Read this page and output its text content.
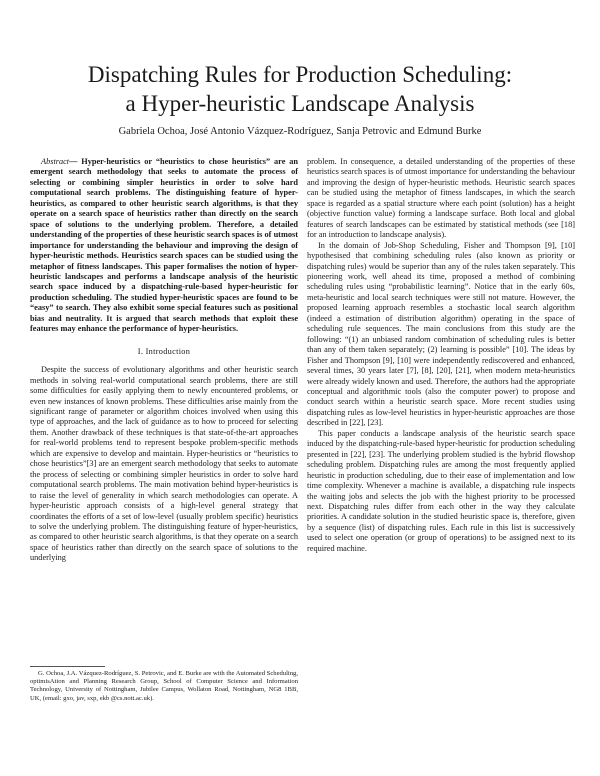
Dispatching Rules for Production Scheduling:
a Hyper-heuristic Landscape Analysis
Gabriela Ochoa, José Antonio Vázquez-Rodríguez, Sanja Petrovic and Edmund Burke

Abstract— Hyper-heuristics or “heuristics to chose heuristics” are an emergent search methodology that seeks to automate the process of selecting or combining simpler heuristics in order to solve hard computational search problems. The distinguishing feature of hyper-heuristics, as compared to other heuristic search algorithms, is that they operate on a search space of heuristics rather than directly on the search space of solutions to the underlying problem. Therefore, a detailed understanding of the properties of these heuristic search spaces is of utmost importance for understanding the behaviour and improving the design of hyper-heuristic methods. Heuristics search spaces can be studied using the metaphor of fitness landscapes. This paper formalises the notion of hyper-heuristic landscapes and performs a landscape analysis of the heuristic search space induced by a dispatching-rule-based hyper-heuristic for production scheduling. The studied hyper-heuristic spaces are found to be “easy” to search. They also exhibit some special features such as positional bias and neutrality. It is argued that search methods that exploit these features may enhance the performance of hyper-heuristics.

I. Introduction

Despite the success of evolutionary algorithms and other heuristic search methods in solving real-world computational search problems, there are still some difficulties for easily applying them to newly encountered problems, or even new instances of known problems. These difficulties arise mainly from the significant range of parameter or algorithm choices involved when using this type of approaches, and the lack of guidance as to how to proceed for selecting them. Another drawback of these techniques is that state-of-the-art approaches for real-world problems tend to represent bespoke problem-specific methods which are expensive to develop and maintain. Hyper-heuristics or “heuristics to chose heuristics”[3] are an emergent search methodology that seeks to automate the process of selecting or combining simpler heuristics in order to solve hard computational search problems. The main motivation behind hyper-heuristics is to raise the level of generality in which search methodologies can operate. A hyper-heuristic approach consists of a high-level general strategy that coordinates the efforts of a set of low-level (usually problem specific) heuristics to solve the underlying problem. The distinguishing feature of hyper-heuristics, as compared to other heuristic search algorithms, is that they operate on a search space of heuristics rather than directly on the search space of solutions to the underlying

G. Ochoa, J.A. Vázquez-Rodríguez, S. Petrovic, and E. Burke are with the Automated Scheduling, optimisAtion and Planning Research Group, School of Computer Science and Information Technology, University of Nottingham, Jubilee Campus, Wollaton Road, Nottingham, NG8 1BB, UK, (email: gxo, jav, sxp, ekb @cs.nott.ac.uk).

problem. In consequence, a detailed understanding of the properties of these heuristics search spaces is of utmost importance for understanding the behaviour and improving the design of hyper-heuristic methods. Heuristic search spaces can be studied using the metaphor of fitness landscapes, in which the search space is regarded as a spatial structure where each point (solution) has a height (objective function value) forming a landscape surface. Both local and global features of search landscapes can be estimated by statistical methods (see [18] for an introduction to landscape analysis).

In the domain of Job-Shop Scheduling, Fisher and Thompson [9], [10] hypothesised that combining scheduling rules (also known as priority or dispatching rules) would be superior than any of the rules taken separately. This pioneering work, well ahead its time, proposed a method of combining scheduling rules using “probabilistic learning”. Notice that in the early 60s, meta-heuristic and local search techniques were still not mature. However, the proposed learning approach resembles a stochastic local search algorithm (indeed a estimation of distribution algorithm) operating in the space of scheduling rule sequences. The main conclusions from this study are the following: “(1) an unbiased random combination of scheduling rules is better than any of them taken separately; (2) learning is possible” [10]. The ideas by Fisher and Thompson [9], [10] were independently rediscovered and enhanced, several times, 30 years later [7], [8], [20], [21], when modern meta-heuristics were already widely known and used. Therefore, the authors had the appropriate conceptual and algorithmic tools (also the computer power) to propose and conduct search within a heuristic search space. More recent studies using dispatching rules as low-level heuristics in hyper-heuristic approaches are those described in [22], [23].

This paper conducts a landscape analysis of the heuristic search space induced by the dispatching-rule-based hyper-heuristic for production scheduling presented in [22], [23]. The underlying problem studied is the hybrid flowshop scheduling problem. Dispatching rules are among the most frequently applied heuristic in production scheduling, due to their ease of implementation and low time complexity. Whenever a machine is available, a dispatching rule inspects the waiting jobs and selects the job with the highest priority to be processed next. Dispatching rules differ from each other in the way they calculate priorities. A candidate solution in the studied heuristic space is, therefore, given by a sequence (list) of dispatching rules. Each rule in this list is successively used to select one operation (or group of operations) to be assigned next to its required machine.
